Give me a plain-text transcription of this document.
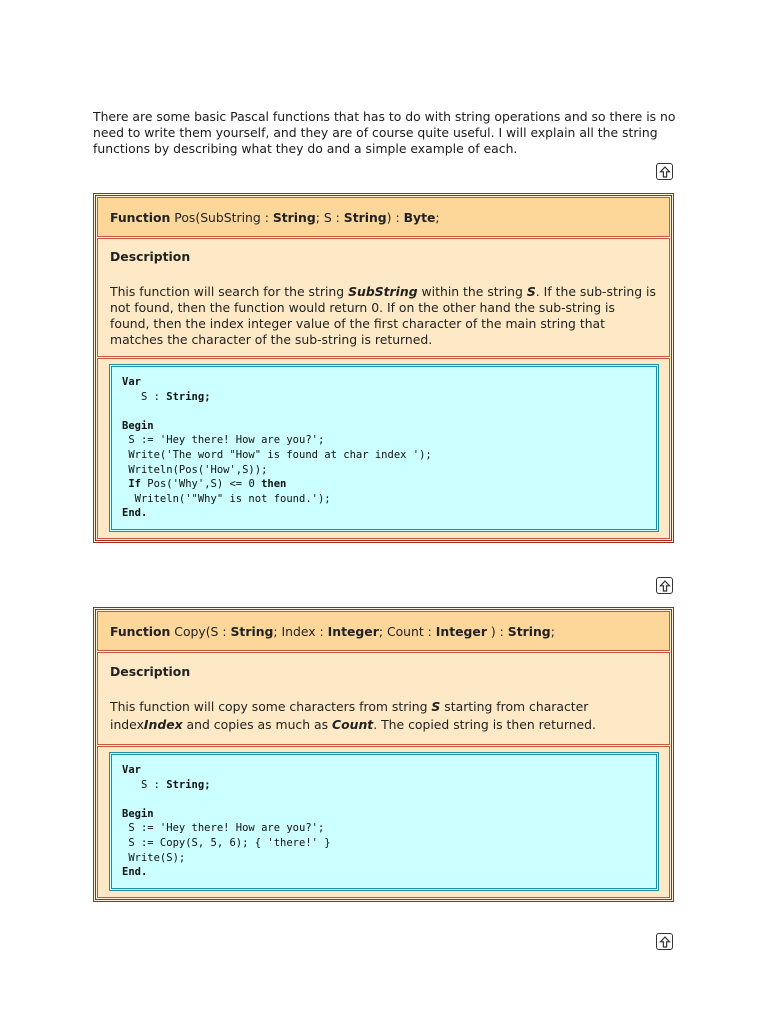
There are some basic Pascal functions that has to do with string operations and so there is no need to write them yourself, and they are of course quite useful. I will explain all the string functions by describing what they do and a simple example of each.

Function Pos(SubString : String; S : String) : Byte;
Description
This function will search for the string SubString within the string S. If the sub-string is not found, then the function would return 0. If on the other hand the sub-string is found, then the index integer value of the first character of the main string that matches the character of the sub-string is returned.
Var
S : String;

Begin
S := 'Hey there! How are you?';
Write('The word "How" is found at char index ');
Writeln(Pos('How',S));
If Pos('Why',S) <= 0 then
Writeln('"Why" is not found.');
End.
Function Copy(S : String; Index : Integer; Count : Integer ) : String;
Description
This function will copy some characters from string S starting from character indexIndex and copies as much as Count. The copied string is then returned.
Var
S : String;

Begin
S := 'Hey there! How are you?';
S := Copy(S, 5, 6); { 'there!' }
Write(S);
End.
